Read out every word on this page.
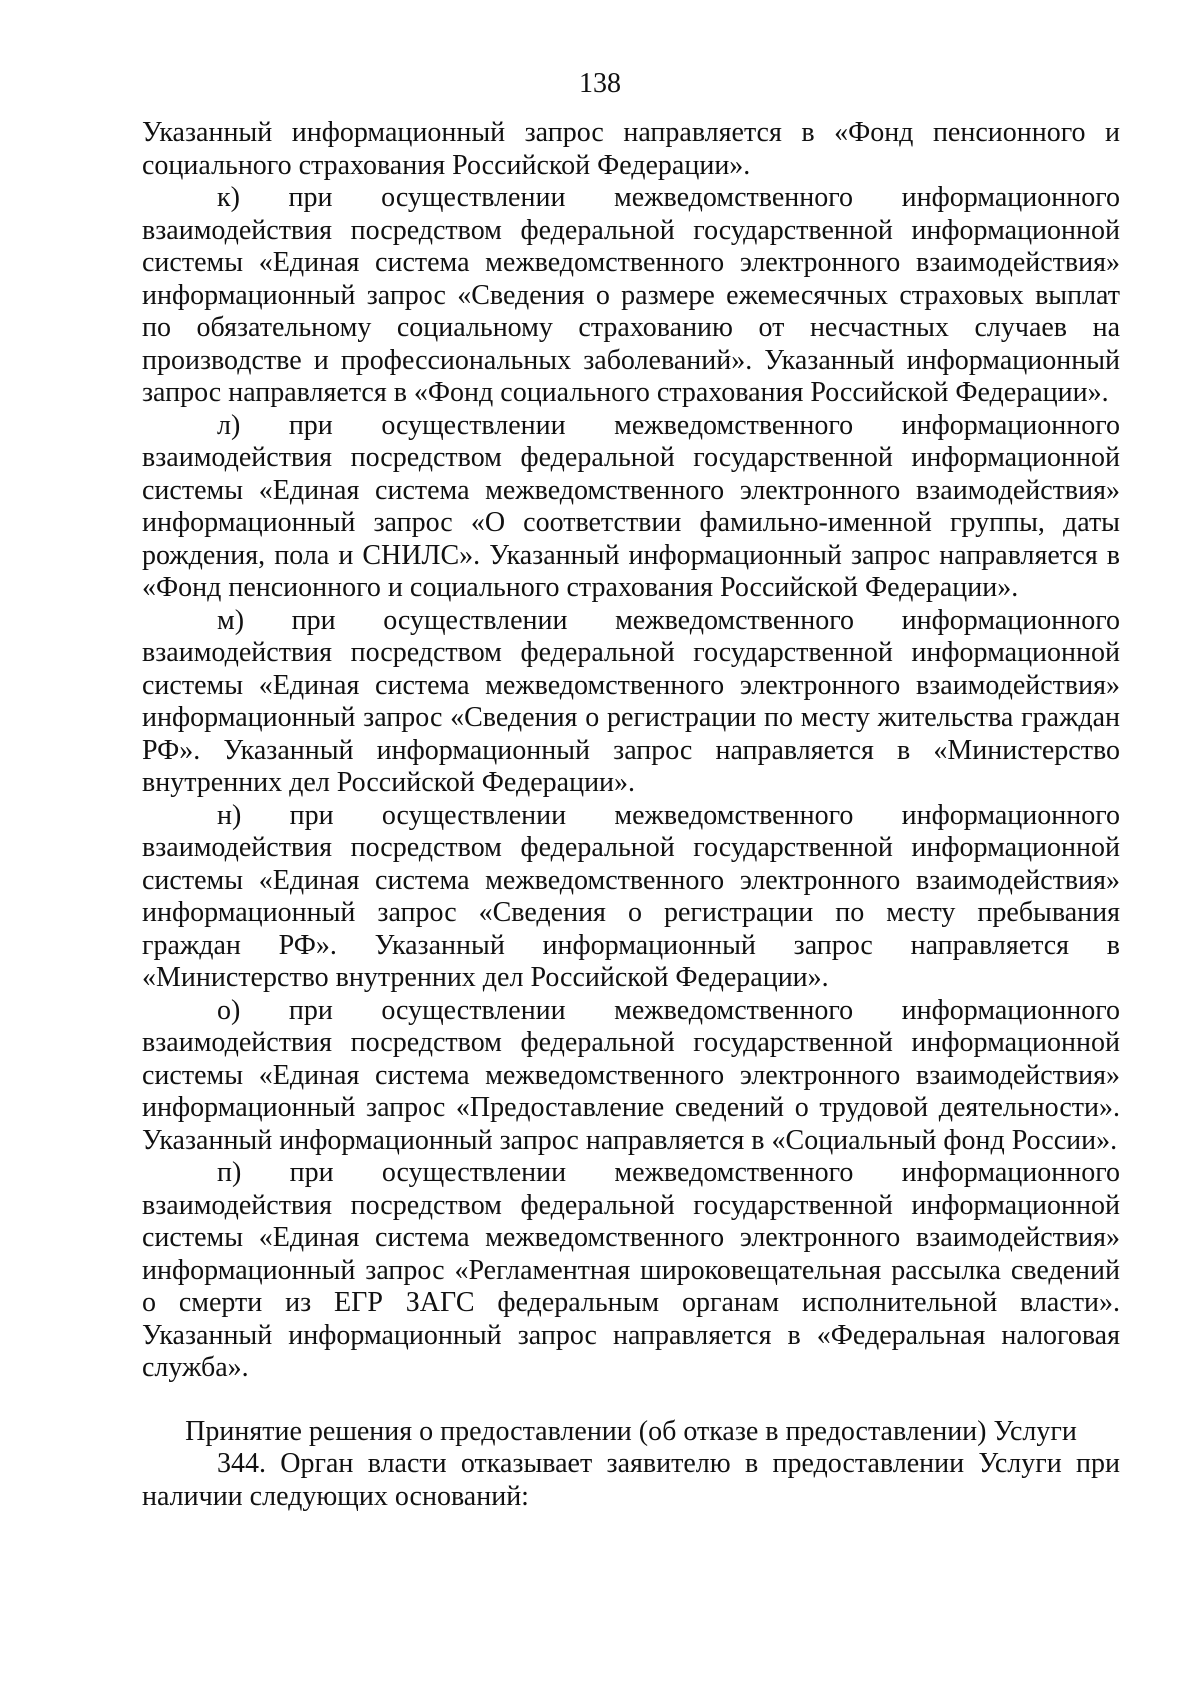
138

Указанный информационный запрос направляется в «Фонд пенсионного и социального страхования Российской Федерации».

к) при осуществлении межведомственного информационного взаимодействия посредством федеральной государственной информационной системы «Единая система межведомственного электронного взаимодействия» информационный запрос «Сведения о размере ежемесячных страховых выплат по обязательному социальному страхованию от несчастных случаев на производстве и профессиональных заболеваний». Указанный информационный запрос направляется в «Фонд социального страхования Российской Федерации».

л) при осуществлении межведомственного информационного взаимодействия посредством федеральной государственной информационной системы «Единая система межведомственного электронного взаимодействия» информационный запрос «О соответствии фамильно-именной группы, даты рождения, пола и СНИЛС». Указанный информационный запрос направляется в «Фонд пенсионного и социального страхования Российской Федерации».

м) при осуществлении межведомственного информационного взаимодействия посредством федеральной государственной информационной системы «Единая система межведомственного электронного взаимодействия» информационный запрос «Сведения о регистрации по месту жительства граждан РФ». Указанный информационный запрос направляется в «Министерство внутренних дел Российской Федерации».

н) при осуществлении межведомственного информационного взаимодействия посредством федеральной государственной информационной системы «Единая система межведомственного электронного взаимодействия» информационный запрос «Сведения о регистрации по месту пребывания граждан РФ». Указанный информационный запрос направляется в «Министерство внутренних дел Российской Федерации».

о) при осуществлении межведомственного информационного взаимодействия посредством федеральной государственной информационной системы «Единая система межведомственного электронного взаимодействия» информационный запрос «Предоставление сведений о трудовой деятельности». Указанный информационный запрос направляется в «Социальный фонд России».

п) при осуществлении межведомственного информационного взаимодействия посредством федеральной государственной информационной системы «Единая система межведомственного электронного взаимодействия» информационный запрос «Регламентная широковещательная рассылка сведений о смерти из ЕГР ЗАГС федеральным органам исполнительной власти». Указанный информационный запрос направляется в «Федеральная налоговая служба».

Принятие решения о предоставлении (об отказе в предоставлении) Услуги

344. Орган власти отказывает заявителю в предоставлении Услуги при наличии следующих оснований:
